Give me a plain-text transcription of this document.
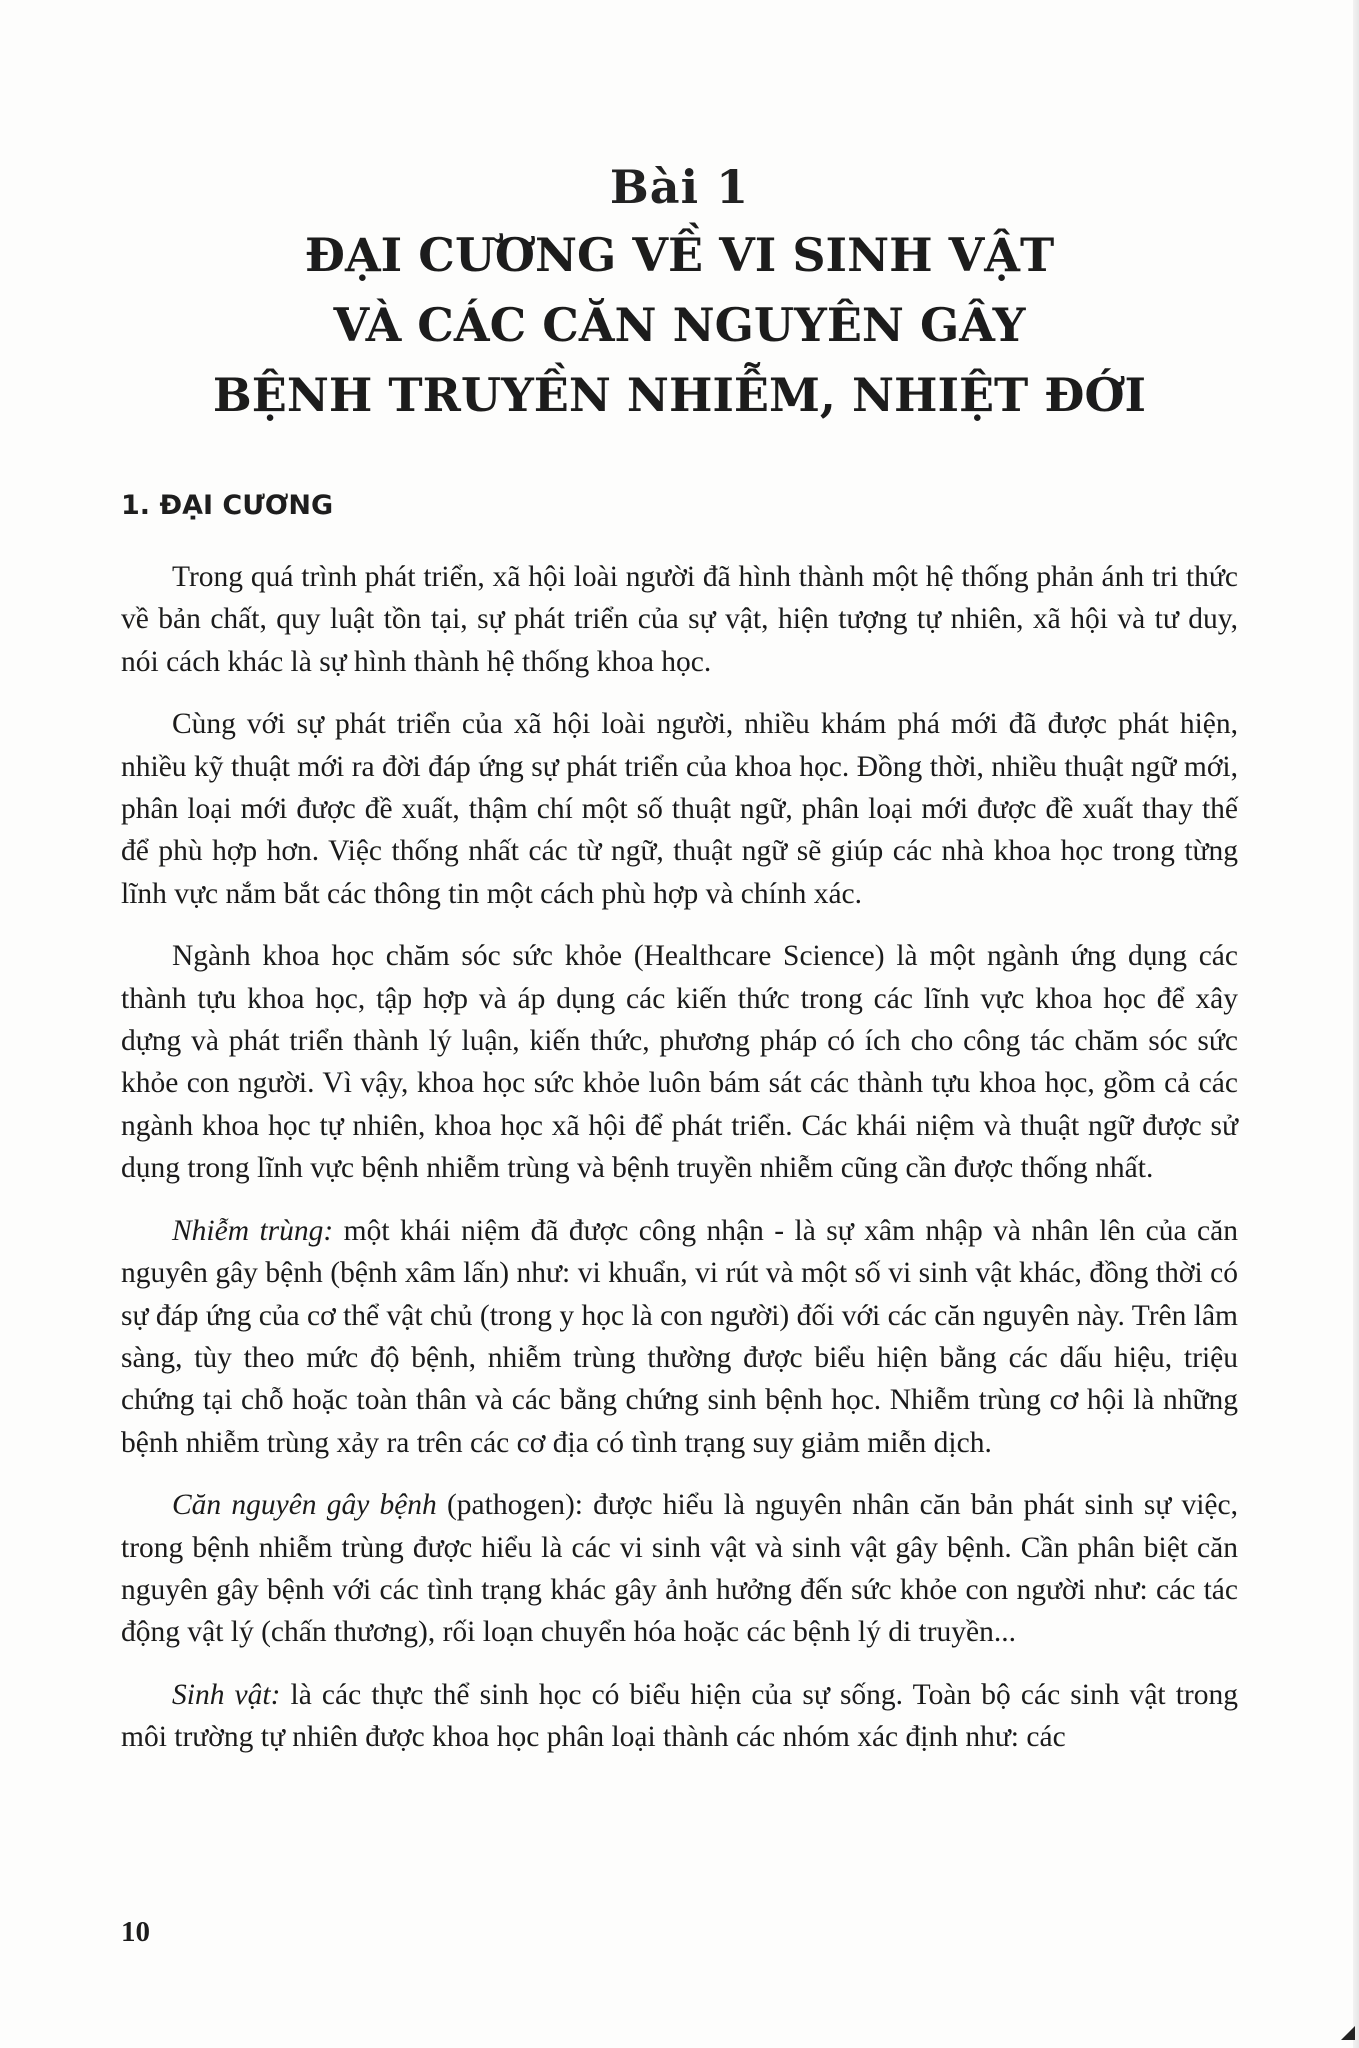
Bài 1
ĐẠI CƯƠNG VỀ VI SINH VẬT
VÀ CÁC CĂN NGUYÊN GÂY
BỆNH TRUYỀN NHIỄM, NHIỆT ĐỚI
1. ĐẠI CƯƠNG

Trong quá trình phát triển, xã hội loài người đã hình thành một hệ thống phản ánh tri thức về bản chất, quy luật tồn tại, sự phát triển của sự vật, hiện tượng tự nhiên, xã hội và tư duy, nói cách khác là sự hình thành hệ thống khoa học.

Cùng với sự phát triển của xã hội loài người, nhiều khám phá mới đã được phát hiện, nhiều kỹ thuật mới ra đời đáp ứng sự phát triển của khoa học. Đồng thời, nhiều thuật ngữ mới, phân loại mới được đề xuất, thậm chí một số thuật ngữ, phân loại mới được đề xuất thay thế để phù hợp hơn. Việc thống nhất các từ ngữ, thuật ngữ sẽ giúp các nhà khoa học trong từng lĩnh vực nắm bắt các thông tin một cách phù hợp và chính xác.

Ngành khoa học chăm sóc sức khỏe (Healthcare Science) là một ngành ứng dụng các thành tựu khoa học, tập hợp và áp dụng các kiến thức trong các lĩnh vực khoa học để xây dựng và phát triển thành lý luận, kiến thức, phương pháp có ích cho công tác chăm sóc sức khỏe con người. Vì vậy, khoa học sức khỏe luôn bám sát các thành tựu khoa học, gồm cả các ngành khoa học tự nhiên, khoa học xã hội để phát triển. Các khái niệm và thuật ngữ được sử dụng trong lĩnh vực bệnh nhiễm trùng và bệnh truyền nhiễm cũng cần được thống nhất.

Nhiễm trùng: một khái niệm đã được công nhận - là sự xâm nhập và nhân lên của căn nguyên gây bệnh (bệnh xâm lấn) như: vi khuẩn, vi rút và một số vi sinh vật khác, đồng thời có sự đáp ứng của cơ thể vật chủ (trong y học là con người) đối với các căn nguyên này. Trên lâm sàng, tùy theo mức độ bệnh, nhiễm trùng thường được biểu hiện bằng các dấu hiệu, triệu chứng tại chỗ hoặc toàn thân và các bằng chứng sinh bệnh học. Nhiễm trùng cơ hội là những bệnh nhiễm trùng xảy ra trên các cơ địa có tình trạng suy giảm miễn dịch.

Căn nguyên gây bệnh (pathogen): được hiểu là nguyên nhân căn bản phát sinh sự việc, trong bệnh nhiễm trùng được hiểu là các vi sinh vật và sinh vật gây bệnh. Cần phân biệt căn nguyên gây bệnh với các tình trạng khác gây ảnh hưởng đến sức khỏe con người như: các tác động vật lý (chấn thương), rối loạn chuyển hóa hoặc các bệnh lý di truyền...

Sinh vật: là các thực thể sinh học có biểu hiện của sự sống. Toàn bộ các sinh vật trong môi trường tự nhiên được khoa học phân loại thành các nhóm xác định như: các

10
